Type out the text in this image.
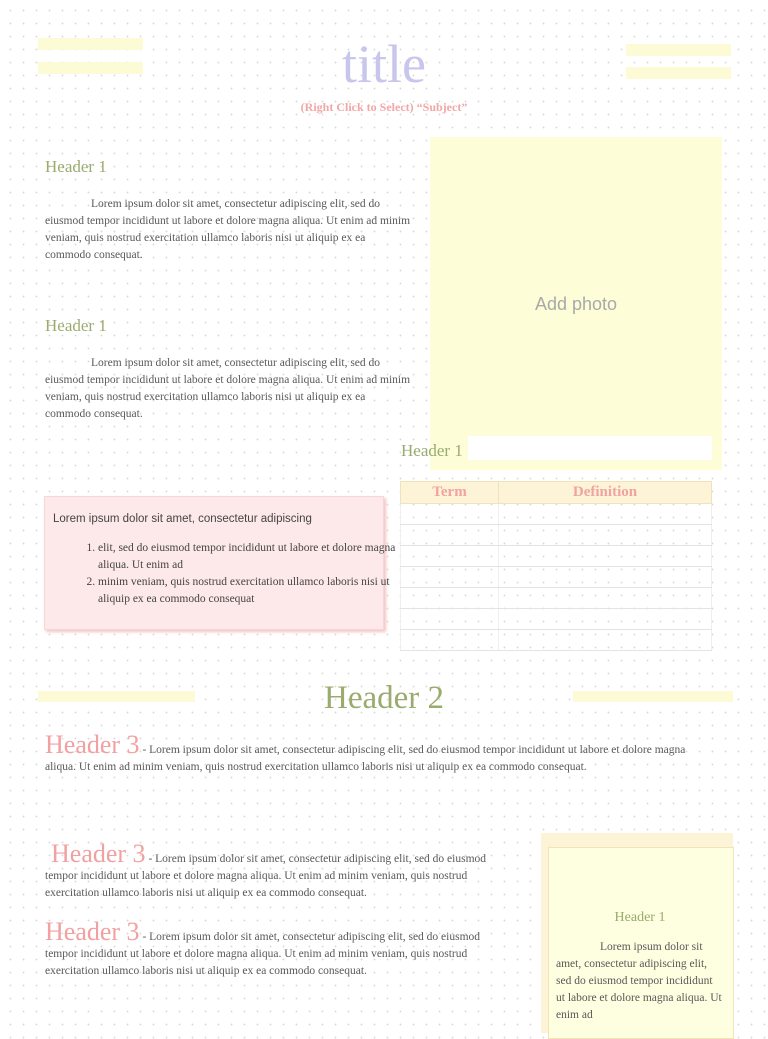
title
(Right Click to Select) “Subject”
Header 1
Lorem ipsum dolor sit amet, consectetur adipiscing elit, sed do eiusmod tempor incididunt ut labore et dolore magna aliqua. Ut enim ad minim veniam, quis nostrud exercitation ullamco laboris nisi ut aliquip ex ea commodo consequat.
Header 1
Lorem ipsum dolor sit amet, consectetur adipiscing elit, sed do eiusmod tempor incididunt ut labore et dolore magna aliqua. Ut enim ad minim veniam, quis nostrud exercitation ullamco laboris nisi ut aliquip ex ea commodo consequat.
Add photo
Header 1
Term	Definition

Lorem ipsum dolor sit amet, consectetur adipiscing
1. elit, sed do eiusmod tempor incididunt ut labore et dolore magna aliqua. Ut enim ad
2. minim veniam, quis nostrud exercitation ullamco laboris nisi ut aliquip ex ea commodo consequat
Header 2
Header 3 - Lorem ipsum dolor sit amet, consectetur adipiscing elit, sed do eiusmod tempor incididunt ut labore et dolore magna aliqua. Ut enim ad minim veniam, quis nostrud exercitation ullamco laboris nisi ut aliquip ex ea commodo consequat.
Header 3 - Lorem ipsum dolor sit amet, consectetur adipiscing elit, sed do eiusmod tempor incididunt ut labore et dolore magna aliqua. Ut enim ad minim veniam, quis nostrud exercitation ullamco laboris nisi ut aliquip ex ea commodo consequat.
Header 3 - Lorem ipsum dolor sit amet, consectetur adipiscing elit, sed do eiusmod tempor incididunt ut labore et dolore magna aliqua. Ut enim ad minim veniam, quis nostrud exercitation ullamco laboris nisi ut aliquip ex ea commodo consequat.
Header 1
Lorem ipsum dolor sit amet, consectetur adipiscing elit, sed do eiusmod tempor incididunt ut labore et dolore magna aliqua. Ut enim ad
